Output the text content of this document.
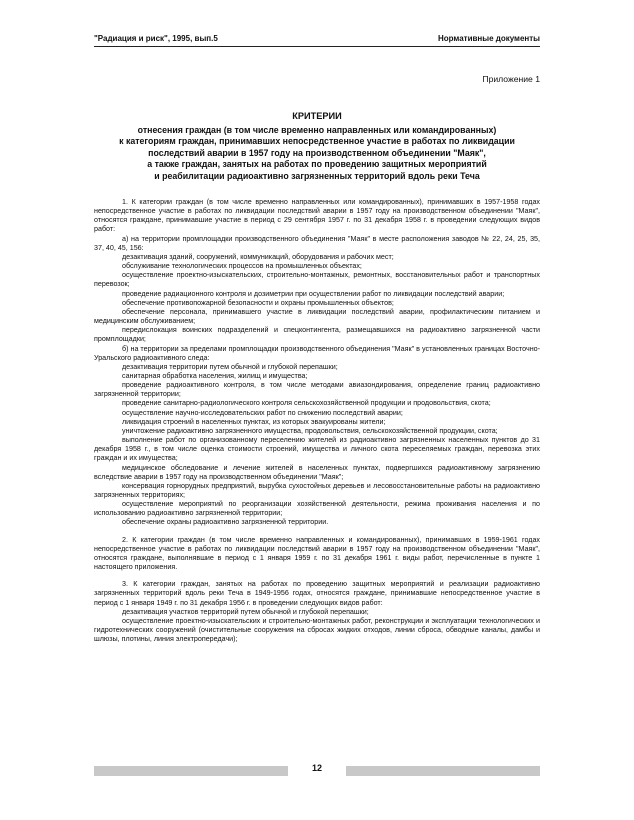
"Радиация и риск", 1995, вып.5	Нормативные документы
Приложение 1
КРИТЕРИИ
отнесения граждан (в том числе временно направленных или командированных)
к категориям граждан, принимавших непосредственное участие в работах по ликвидации
последствий аварии в 1957 году на производственном объединении "Маяк",
а также граждан, занятых на работах по проведению защитных мероприятий
и реабилитации радиоактивно загрязненных территорий вдоль реки Теча

1. К категории граждан (в том числе временно направленных или командированных), принимавших в 1957-1958 годах непосредственное участие в работах по ликвидации последствий аварии в 1957 году на производственном объединении "Маяк", относятся граждане, принимавшие участие в период с 29 сентября 1957 г. по 31 декабря 1958 г. в проведении следующих видов работ:

а) на территории промплощадки производственного объединения "Маяк" в месте расположения заводов № 22, 24, 25, 35, 37, 40, 45, 156:

дезактивация зданий, сооружений, коммуникаций, оборудования и рабочих мест;

обслуживание технологических процессов на промышленных объектах;

осуществление проектно-изыскательских, строительно-монтажных, ремонтных, восстановительных работ и транспортных перевозок;

проведение радиационного контроля и дозиметрии при осуществлении работ по ликвидации последствий аварии;

обеспечение противопожарной безопасности и охраны промышленных объектов;

обеспечение персонала, принимавшего участие в ликвидации последствий аварии, профилактическим питанием и медицинским обслуживанием;

передислокация воинских подразделений и спецконтингента, размещавшихся на радиоактивно загрязненной части промплощадки;

б) на территории за пределами промплощадки производственного объединения "Маяк" в установленных границах Восточно-Уральского радиоактивного следа:

дезактивация территории путем обычной и глубокой перепашки;

санитарная обработка населения, жилищ и имущества;

проведение радиоактивного контроля, в том числе методами авиазондирования, определение границ радиоактивно загрязненной территории;

проведение санитарно-радиологического контроля сельскохозяйственной продукции и продовольствия, скота;

осуществление научно-исследовательских работ по снижению последствий аварии;

ликвидация строений в населенных пунктах, из которых эвакуированы жители;

уничтожение радиоактивно загрязненного имущества, продовольствия, сельскохозяйственной продукции, скота;

выполнение работ по организованному переселению жителей из радиоактивно загрязненных населенных пунктов до 31 декабря 1958 г., в том числе оценка стоимости строений, имущества и личного скота переселяемых граждан, перевозка этих граждан и их имущества;

медицинское обследование и лечение жителей в населенных пунктах, подвергшихся радиоактивному загрязнению вследствие аварии в 1957 году на производственном объединении "Маяк";

консервация горнорудных предприятий, вырубка сухостойных деревьев и лесовосстановительные работы на радиоактивно загрязненных территориях;

осуществление мероприятий по реорганизации хозяйственной деятельности, режима проживания населения и по использованию радиоактивно загрязненной территории;

обеспечение охраны радиоактивно загрязненной территории.

2. К категории граждан (в том числе временно направленных и командированных), принимавших в 1959-1961 годах непосредственное участие в работах по ликвидации последствий аварии в 1957 году на производственном объединении "Маяк", относятся граждане, выполнявшие в период с 1 января 1959 г. по 31 декабря 1961 г. виды работ, перечисленные в пункте 1 настоящего приложения.

3. К категории граждан, занятых на работах по проведению защитных мероприятий и реализации радиоактивно загрязненных территорий вдоль реки Теча в 1949-1956 годах, относятся граждане, принимавшие непосредственное участие в период с 1 января 1949 г. по 31 декабря 1956 г. в проведении следующих видов работ:

дезактивация участков территорий путем обычной и глубокой перепашки;

осуществление проектно-изыскательских и строительно-монтажных работ, реконструкции и эксплуатации технологических и гидротехнических сооружений (очистительные сооружения на сбросах жидких отходов, линии сброса, обводные каналы, дамбы и шлюзы, плотины, линия электропередачи);

12
